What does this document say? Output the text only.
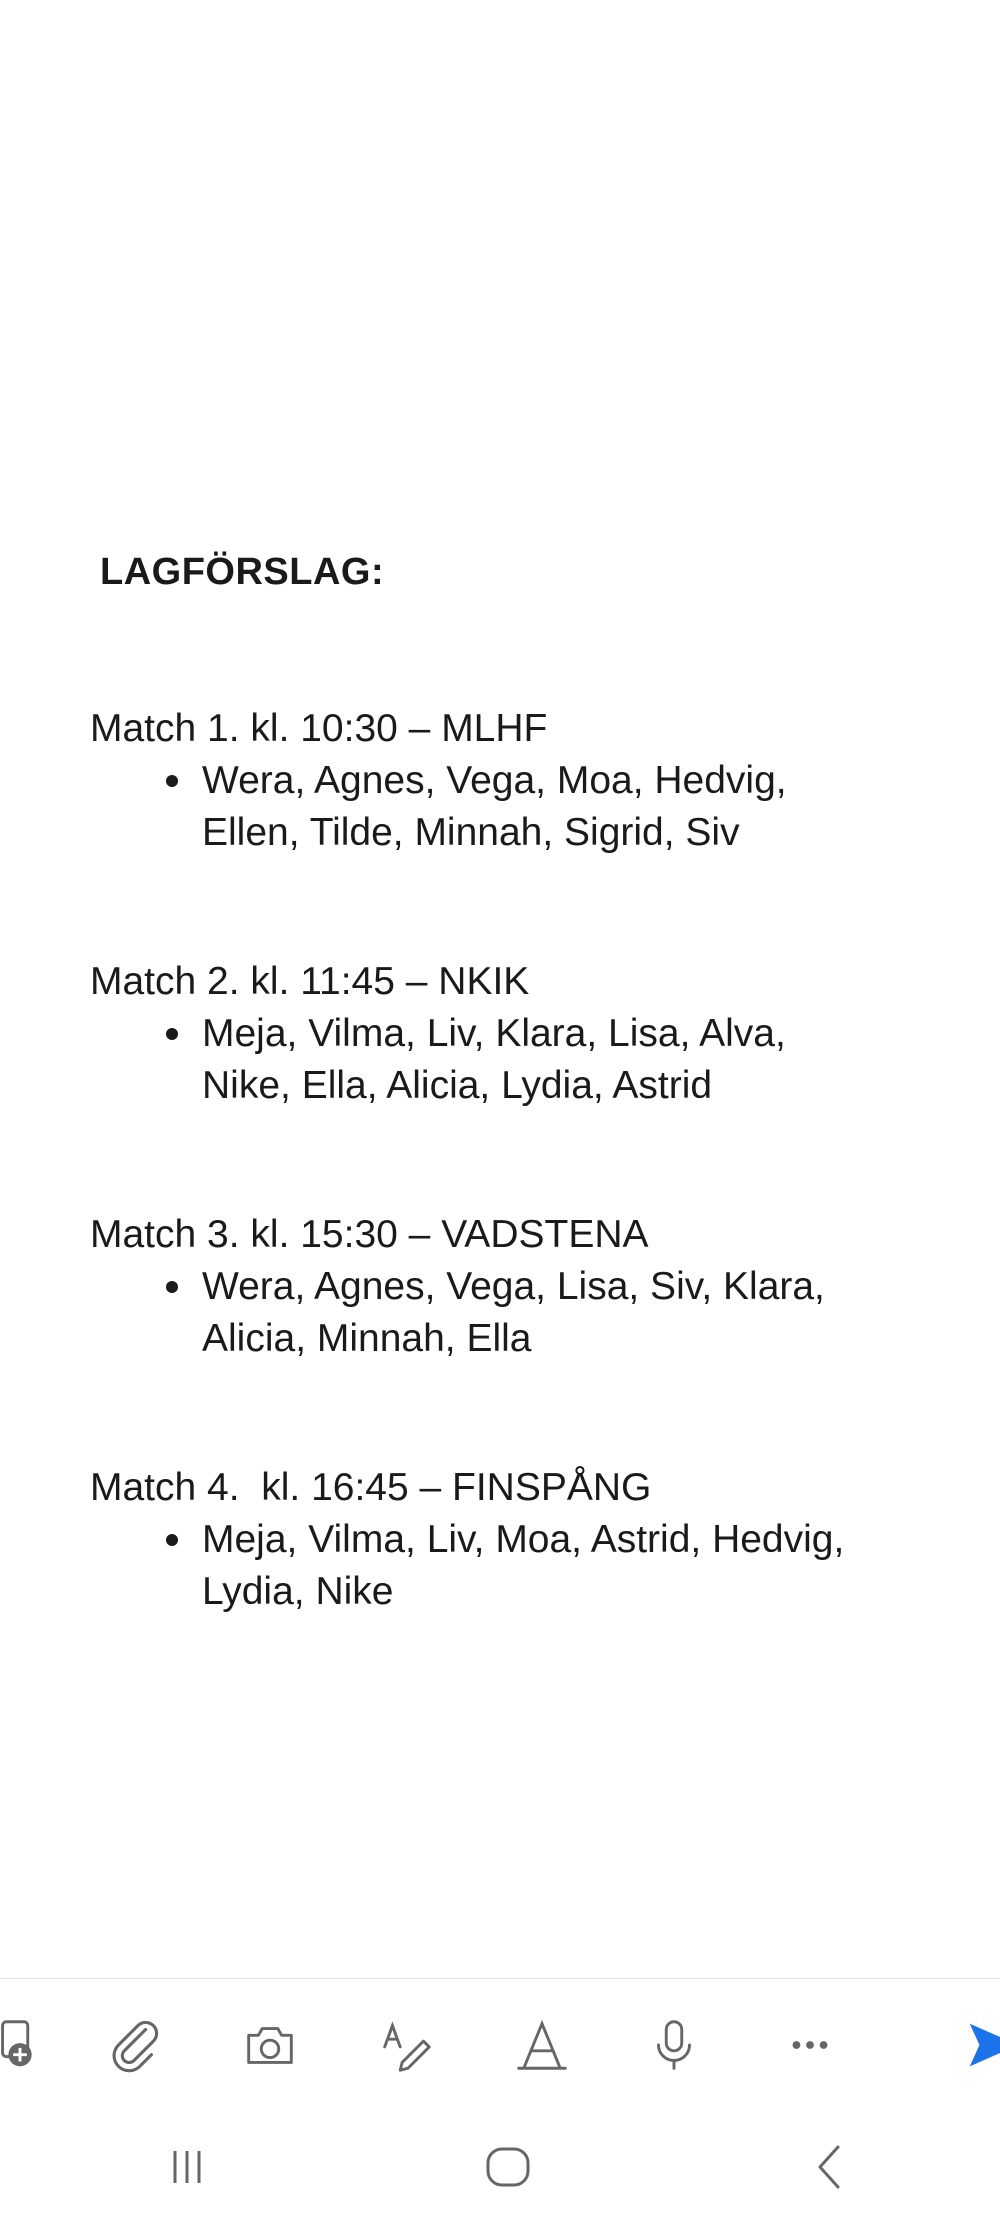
LAGFÖRSLAG:
Match 1. kl. 10:30 – MLHF
Wera, Agnes, Vega, Moa, Hedvig,
Ellen, Tilde, Minnah, Sigrid, Siv
Match 2. kl. 11:45 – NKIK
Meja, Vilma, Liv, Klara, Lisa, Alva,
Nike, Ella, Alicia, Lydia, Astrid
Match 3. kl. 15:30 – VADSTENA
Wera, Agnes, Vega, Lisa, Siv, Klara,
Alicia, Minnah, Ella
Match 4.  kl. 16:45 – FINSPÅNG
Meja, Vilma, Liv, Moa, Astrid, Hedvig,
Lydia, Nike
